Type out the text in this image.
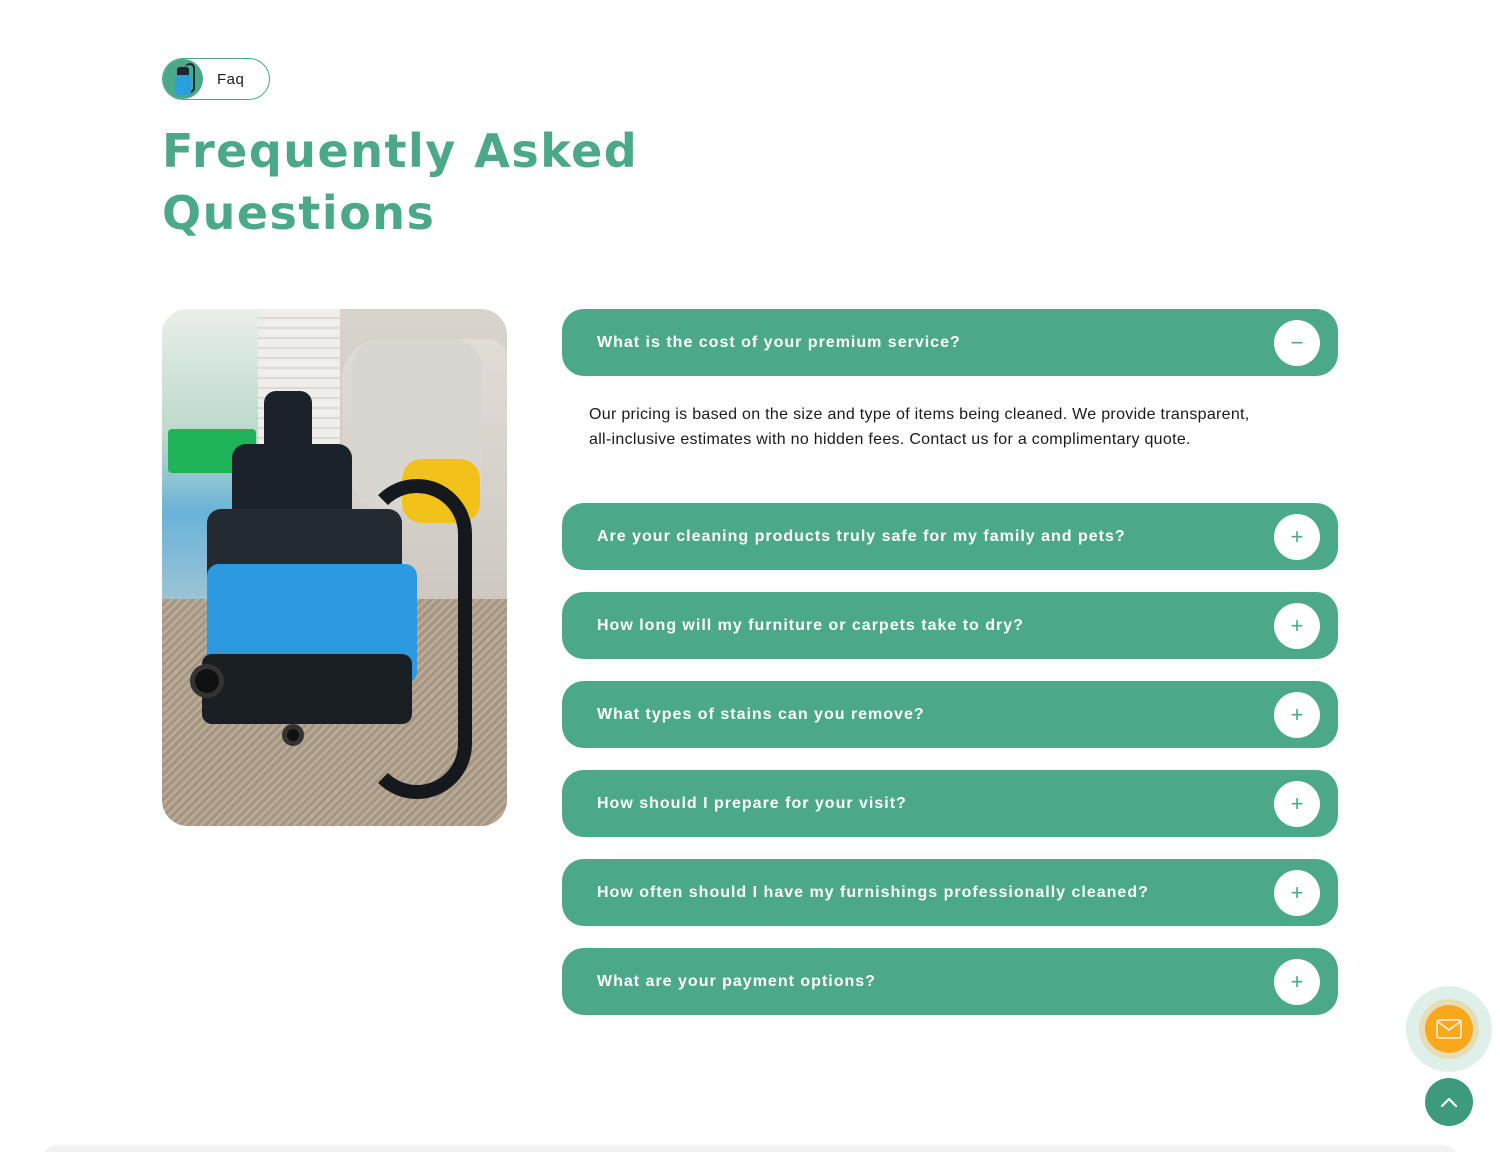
Faq
Frequently Asked Questions
What is the cost of your premium service?	−
Our pricing is based on the size and type of items being cleaned. We provide transparent, all-inclusive estimates with no hidden fees. Contact us for a complimentary quote.
Are your cleaning products truly safe for my family and pets?	+
How long will my furniture or carpets take to dry?	+
What types of stains can you remove?	+
How should I prepare for your visit?	+
How often should I have my furnishings professionally cleaned?	+
What are your payment options?	+
